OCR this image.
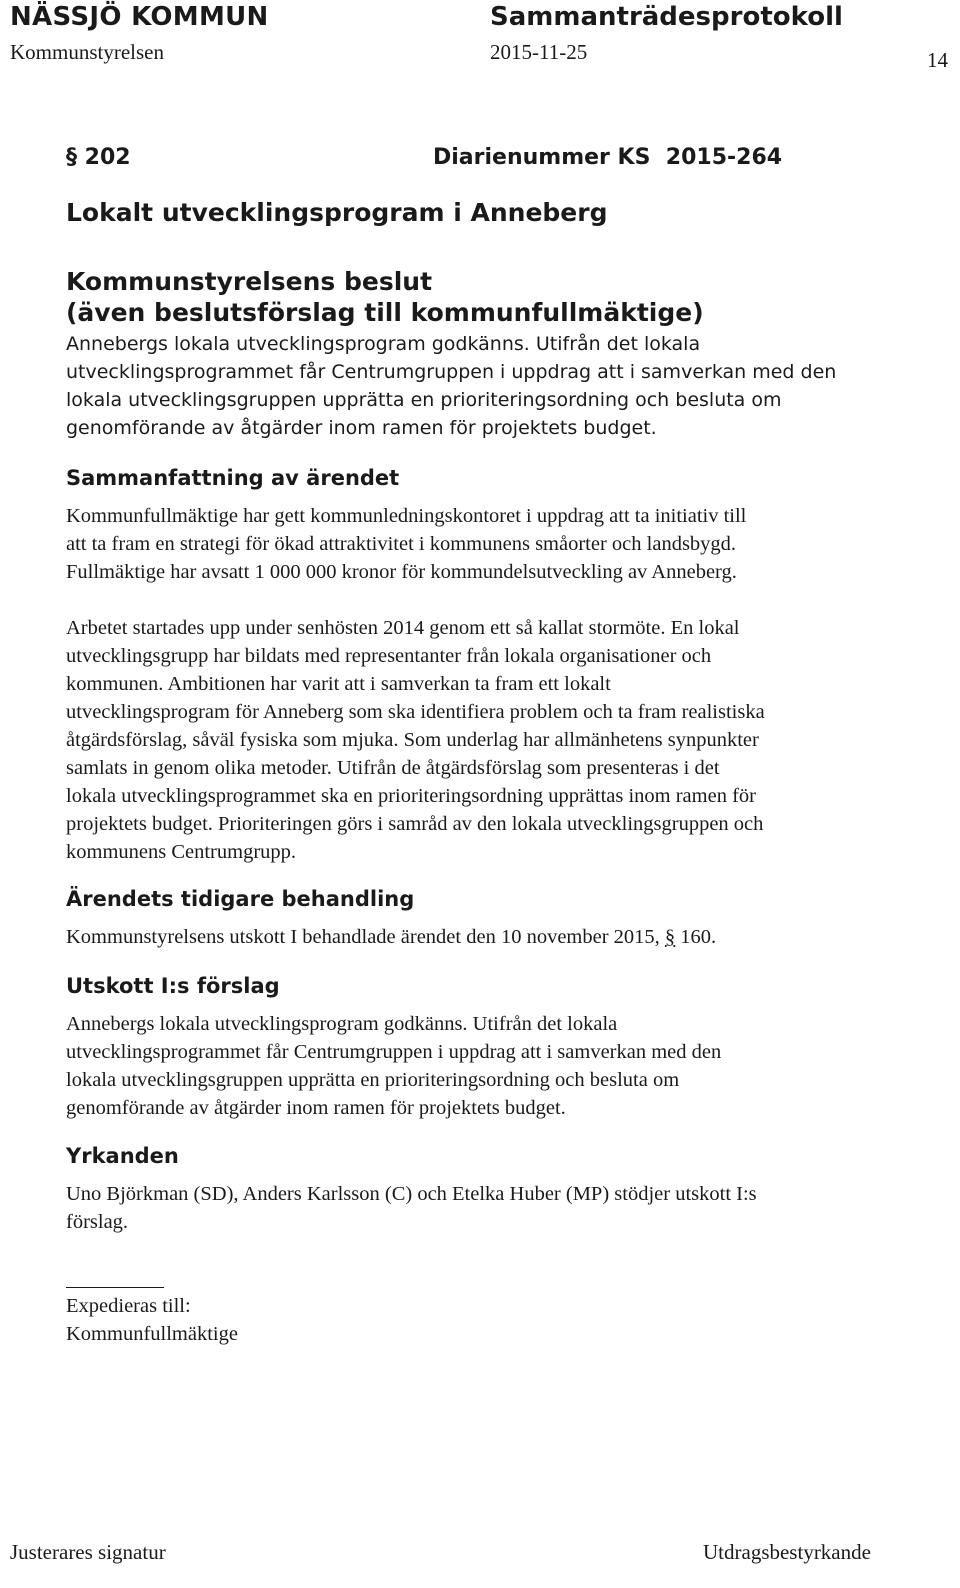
NÄSSJÖ KOMMUN	Sammanträdesprotokoll
Kommunstyrelsen	2015-11-25	14
§ 202	Diarienummer KS  2015-264
Lokalt utvecklingsprogram i Anneberg
Kommunstyrelsens beslut
(även beslutsförslag till kommunfullmäktige)

Annebergs lokala utvecklingsprogram godkänns. Utifrån det lokala

utvecklingsprogrammet får Centrumgruppen i uppdrag att i samverkan med den

lokala utvecklingsgruppen upprätta en prioriteringsordning och besluta om

genomförande av åtgärder inom ramen för projektets budget.

Sammanfattning av ärendet

Kommunfullmäktige har gett kommunledningskontoret i uppdrag att ta initiativ till

att ta fram en strategi för ökad attraktivitet i kommunens småorter och landsbygd.

Fullmäktige har avsatt 1 000 000 kronor för kommundelsutveckling av Anneberg.

Arbetet startades upp under senhösten 2014 genom ett så kallat stormöte. En lokal

utvecklingsgrupp har bildats med representanter från lokala organisationer och

kommunen. Ambitionen har varit att i samverkan ta fram ett lokalt

utvecklingsprogram för Anneberg som ska identifiera problem och ta fram realistiska

åtgärdsförslag, såväl fysiska som mjuka. Som underlag har allmänhetens synpunkter

samlats in genom olika metoder. Utifrån de åtgärdsförslag som presenteras i det

lokala utvecklingsprogrammet ska en prioriteringsordning upprättas inom ramen för

projektets budget. Prioriteringen görs i samråd av den lokala utvecklingsgruppen och

kommunens Centrumgrupp.

Ärendets tidigare behandling
Kommunstyrelsens utskott I behandlade ärendet den 10 november 2015, § 160.
Utskott I:s förslag

Annebergs lokala utvecklingsprogram godkänns. Utifrån det lokala

utvecklingsprogrammet får Centrumgruppen i uppdrag att i samverkan med den

lokala utvecklingsgruppen upprätta en prioriteringsordning och besluta om

genomförande av åtgärder inom ramen för projektets budget.

Yrkanden

Uno Björkman (SD), Anders Karlsson (C) och Etelka Huber (MP) stödjer utskott I:s

förslag.

Expedieras till:

Kommunfullmäktige

Justerares signatur	Utdragsbestyrkande
